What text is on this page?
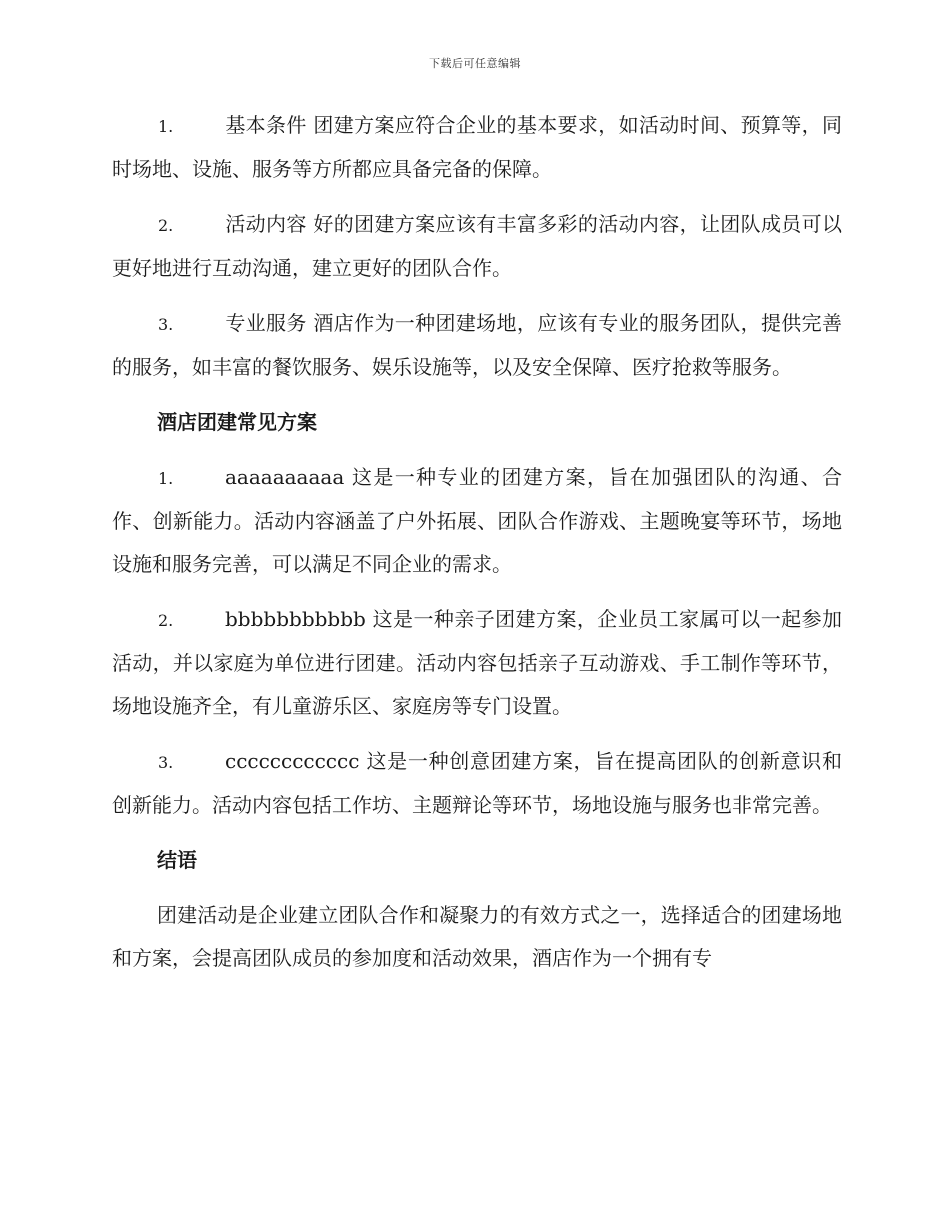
下载后可任意编辑

1.	基本条件 团建方案应符合企业的基本要求，如活动时间、预算等，同时场地、设施、服务等方所都应具备完备的保障。

2.	活动内容 好的团建方案应该有丰富多彩的活动内容，让团队成员可以更好地进行互动沟通，建立更好的团队合作。

3.	专业服务 酒店作为一种团建场地，应该有专业的服务团队，提供完善的服务，如丰富的餐饮服务、娱乐设施等，以及安全保障、医疗抢救等服务。

酒店团建常见方案

1.	aaaaaaaaaa 这是一种专业的团建方案，旨在加强团队的沟通、合作、创新能力。活动内容涵盖了户外拓展、团队合作游戏、主题晚宴等环节，场地设施和服务完善，可以满足不同企业的需求。

2.	bbbbbbbbbbb 这是一种亲子团建方案，企业员工家属可以一起参加活动，并以家庭为单位进行团建。活动内容包括亲子互动游戏、手工制作等环节，场地设施齐全，有儿童游乐区、家庭房等专门设置。

3.	cccccccccccc 这是一种创意团建方案，旨在提高团队的创新意识和创新能力。活动内容包括工作坊、主题辩论等环节，场地设施与服务也非常完善。

结语

团建活动是企业建立团队合作和凝聚力的有效方式之一，选择适合的团建场地和方案，会提高团队成员的参加度和活动效果，酒店作为一个拥有专
